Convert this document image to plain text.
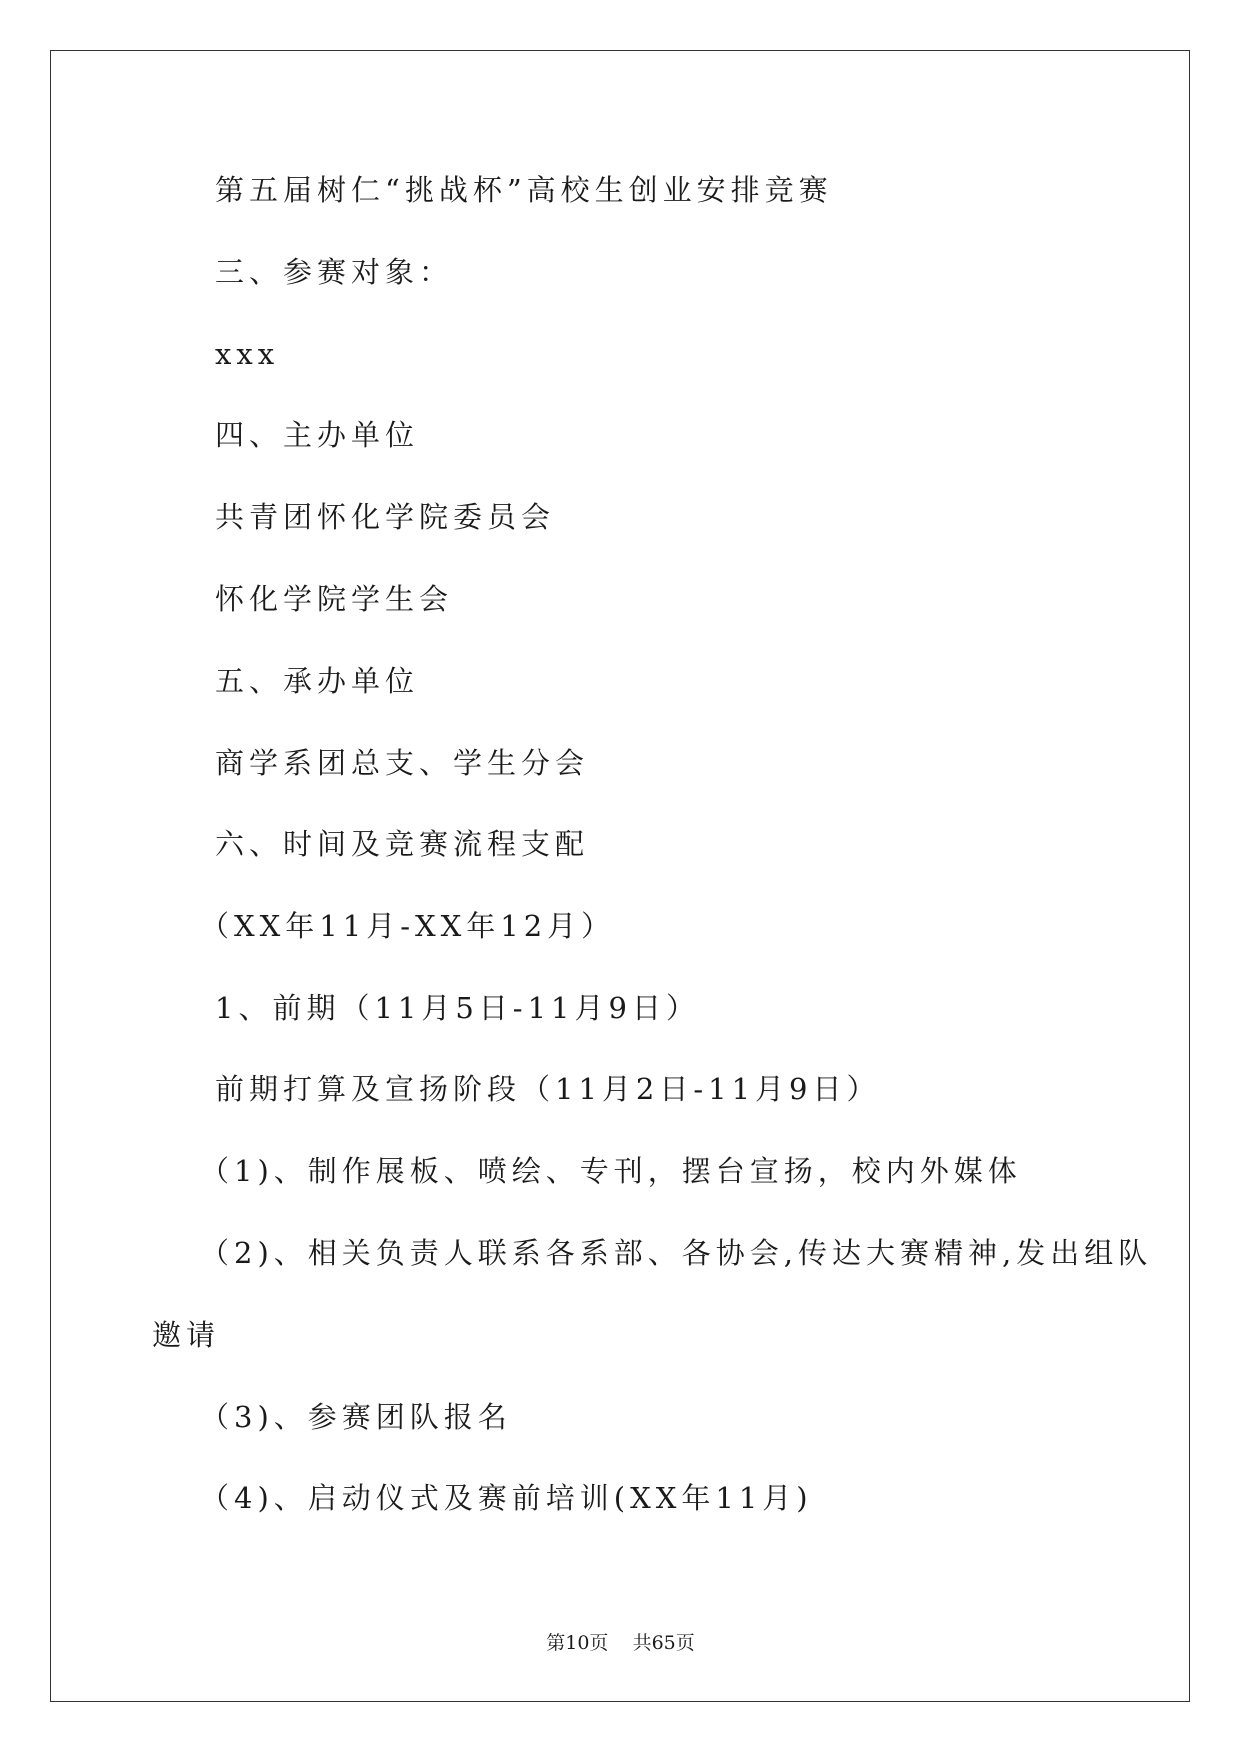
第五届树仁“挑战杯”高校生创业安排竞赛
三、参赛对象：
xxx
四、主办单位
共青团怀化学院委员会
怀化学院学生会
五、承办单位
商学系团总支、学生分会
六、时间及竞赛流程支配
（XX年11月-XX年12月）
1、前期（11月5日-11月9日）
前期打算及宣扬阶段（11月2日-11月9日）
（1)、制作展板、喷绘、专刊，摆台宣扬，校内外媒体
（2)、相关负责人联系各系部、各协会,传达大赛精神,发出组队
邀请
（3)、参赛团队报名
（4)、启动仪式及赛前培训(XX年11月)
第10页    共65页
